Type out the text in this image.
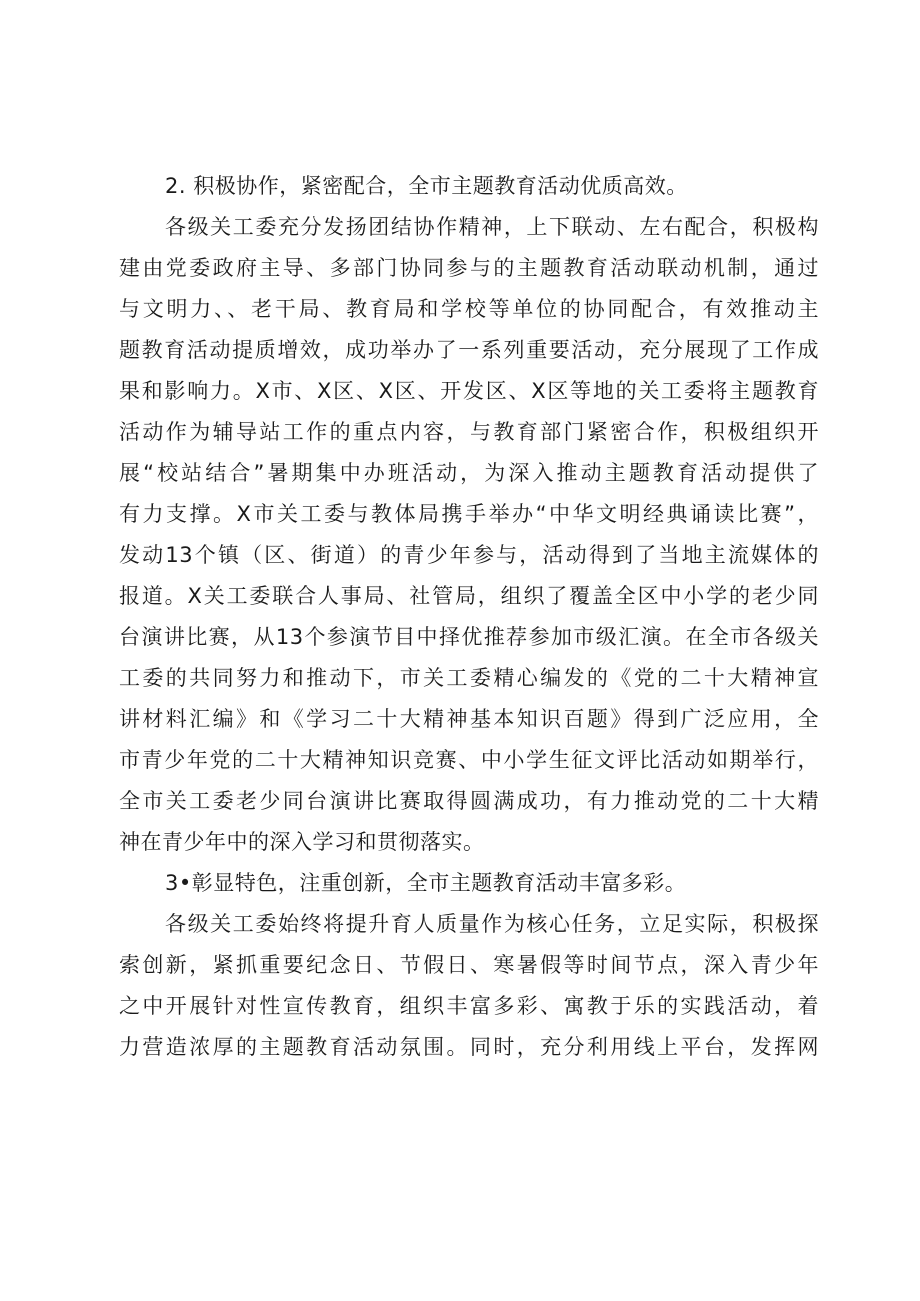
2. 积极协作，紧密配合，全市主题教育活动优质高效。
各级关工委充分发扬团结协作精神，上下联动、左右配合，积极构
建由党委政府主导、多部门协同参与的主题教育活动联动机制，通过
与文明力、、老干局、教育局和学校等单位的协同配合，有效推动主
题教育活动提质增效，成功举办了一系列重要活动，充分展现了工作成
果和影响力。X市、X区、X区、开发区、X区等地的关工委将主题教育
活动作为辅导站工作的重点内容，与教育部门紧密合作，积极组织开
展“校站结合”暑期集中办班活动，为深入推动主题教育活动提供了
有力支撑。X市关工委与教体局携手举办“中华文明经典诵读比赛”，
发动13个镇（区、街道）的青少年参与，活动得到了当地主流媒体的
报道。X关工委联合人事局、社管局，组织了覆盖全区中小学的老少同
台演讲比赛，从13个参演节目中择优推荐参加市级汇演。在全市各级关
工委的共同努力和推动下，市关工委精心编发的《党的二十大精神宣
讲材料汇编》和《学习二十大精神基本知识百题》得到广泛应用，全
市青少年党的二十大精神知识竞赛、中小学生征文评比活动如期举行，
全市关工委老少同台演讲比赛取得圆满成功，有力推动党的二十大精
神在青少年中的深入学习和贯彻落实。
3•彰显特色，注重创新，全市主题教育活动丰富多彩。
各级关工委始终将提升育人质量作为核心任务，立足实际，积极探
索创新，紧抓重要纪念日、节假日、寒暑假等时间节点，深入青少年
之中开展针对性宣传教育，组织丰富多彩、寓教于乐的实践活动，着
力营造浓厚的主题教育活动氛围。同时，充分利用线上平台，发挥网
